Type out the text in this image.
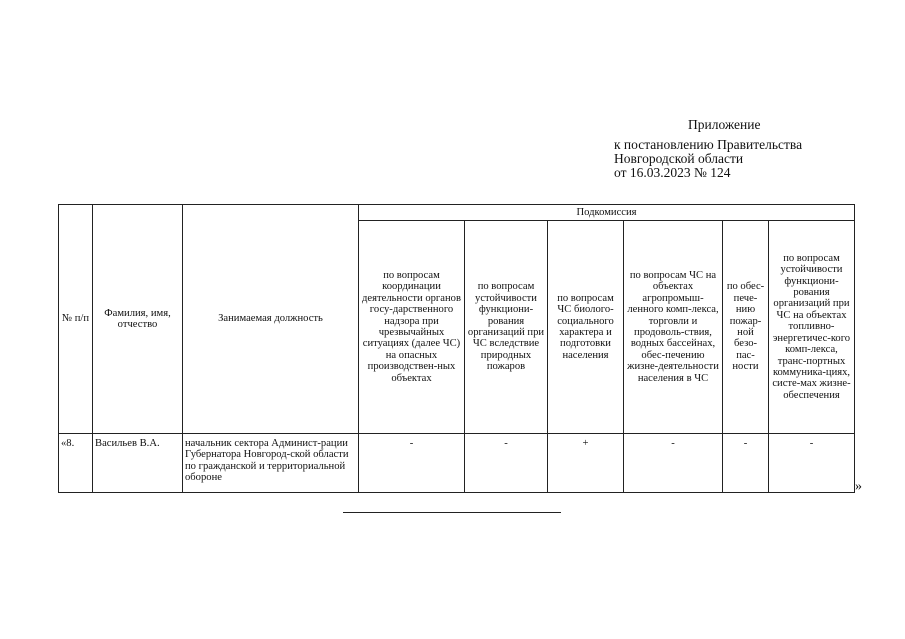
Приложение
к постановлению Правительства
Новгородской области
от 16.03.2023 № 124
№ п/п	Фамилия, имя, отчество	Занимаемая должность	Подкомиссия					
			по вопросам координации деятельности органов госу-дарственного надзора при чрезвычайных ситуациях (далее ЧС) на опасных производствен-ных объектах	по вопросам устойчивости функциони-рования организаций при ЧС вследствие природных пожаров	по вопросам ЧС биолого-социального характера и подготовки населения	по вопросам ЧС на объектах агропромыш-ленного комп-лекса, торговли и продоволь-ствия, водных бассейнах, обес-печению жизне-деятельности населения в ЧС	по обес-пече-нию пожар-ной безо-пас-ности	по вопросам устойчивости функциони-рования организаций при ЧС на объектах топливно-энергетичес-кого комп-лекса, транс-портных коммуника-циях, систе-мах жизне-обеспечения
«8.	Васильев В.А.	начальник сектора Админист-рации Губернатора Новгород-ской области по гражданской и территориальной обороне	-	-	+	-	-	-
»
